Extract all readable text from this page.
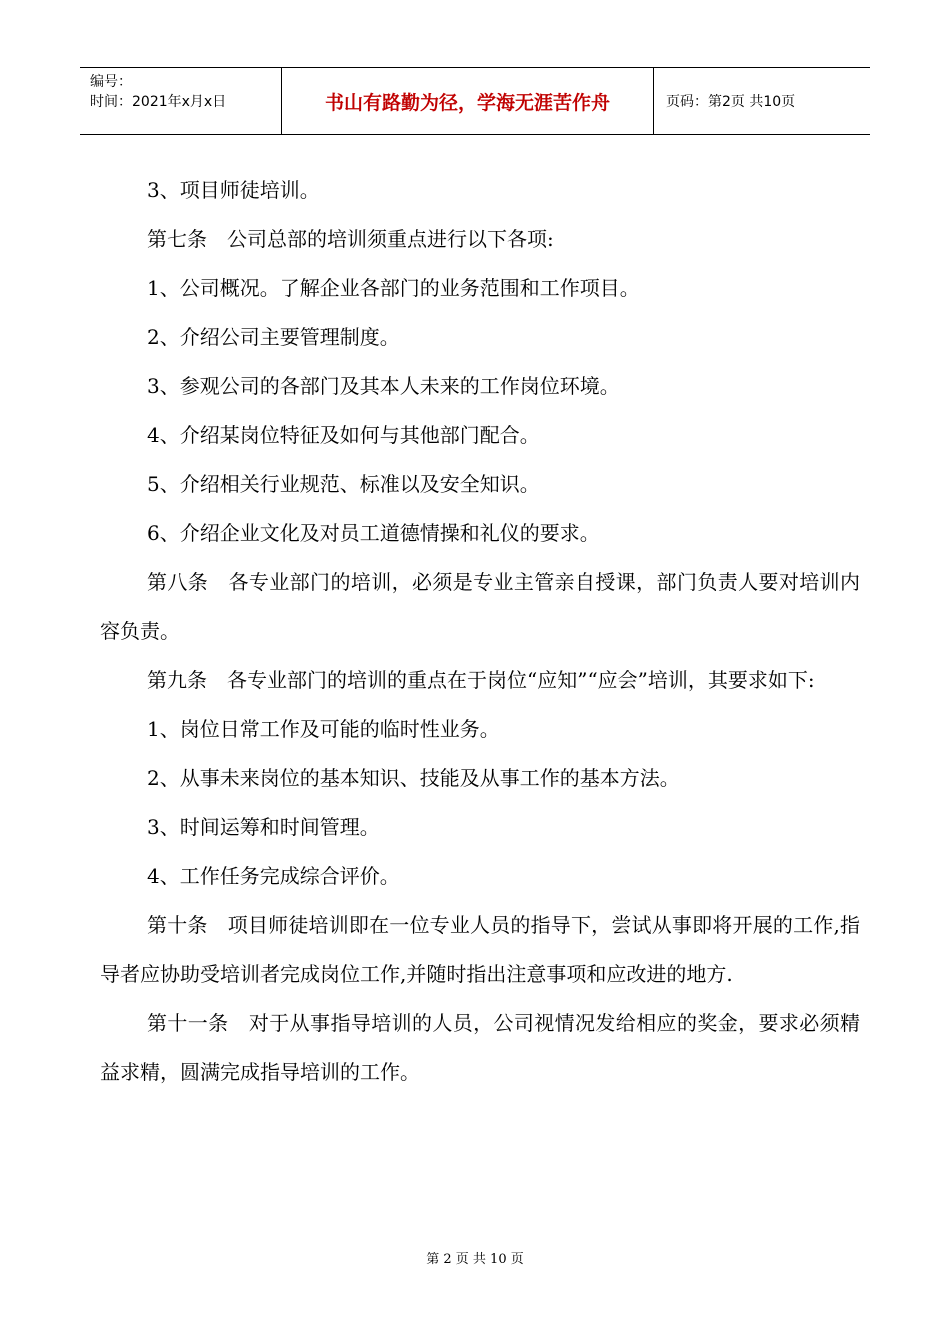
编号：
时间：2021年x月x日	书山有路勤为径，学海无涯苦作舟	页码：第2页 共10页

3、项目师徒培训。

第七条　公司总部的培训须重点进行以下各项:

1、公司概况。了解企业各部门的业务范围和工作项目。

2、介绍公司主要管理制度。

3、参观公司的各部门及其本人未来的工作岗位环境。

4、介绍某岗位特征及如何与其他部门配合。

5、介绍相关行业规范、标准以及安全知识。

6、介绍企业文化及对员工道德情操和礼仪的要求。

第八条　各专业部门的培训，必须是专业主管亲自授课，部门负责人要对培训内容负责。

第九条　各专业部门的培训的重点在于岗位“应知”“应会”培训，其要求如下:

1、岗位日常工作及可能的临时性业务。

2、从事未来岗位的基本知识、技能及从事工作的基本方法。

3、时间运筹和时间管理。

4、工作任务完成综合评价。

第十条　项目师徒培训即在一位专业人员的指导下，尝试从事即将开展的工作,指导者应协助受培训者完成岗位工作,并随时指出注意事项和应改进的地方.

第十一条　对于从事指导培训的人员，公司视情况发给相应的奖金，要求必须精益求精，圆满完成指导培训的工作。

第 2 页 共 10 页
